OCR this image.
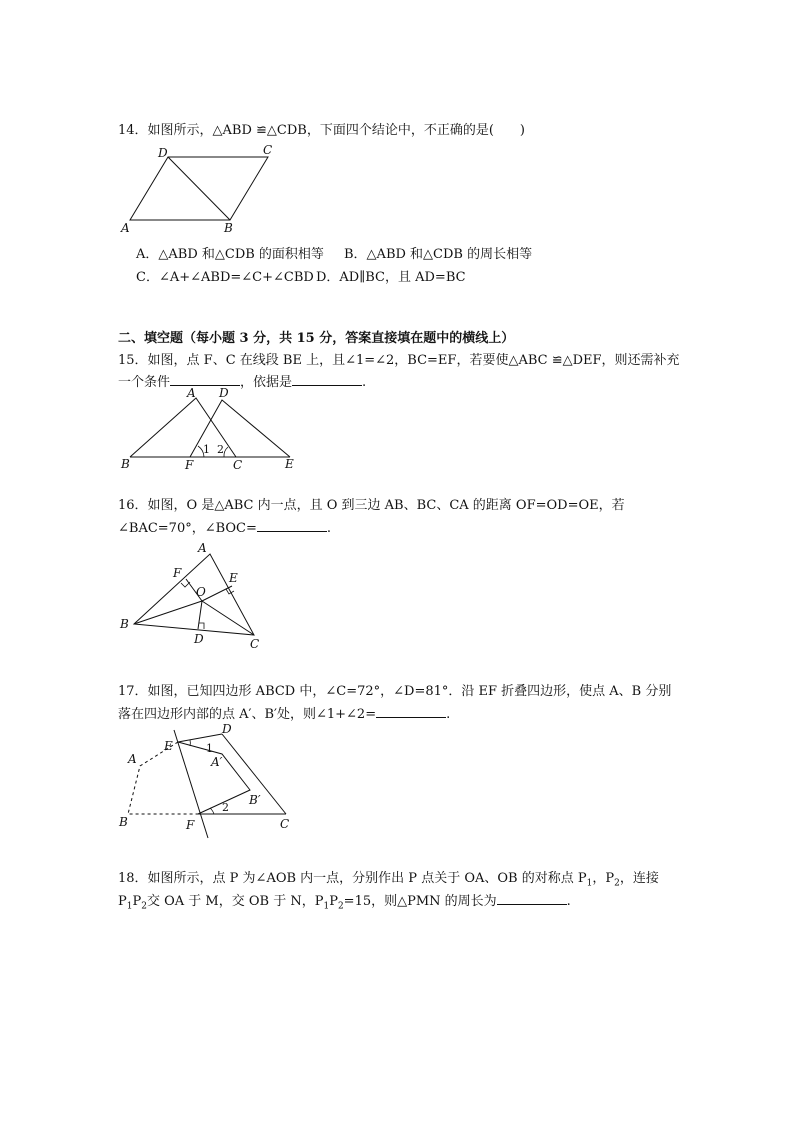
14．如图所示，△ABD ≌△CDB，下面四个结论中，不正确的是(　　)
D	C
A	B
A．△ABD 和△CDB 的面积相等 B．△ABD 和△CDB 的周长相等
C．∠A+∠ABD=∠C+∠CBD D．AD∥BC，且 AD=BC
二、填空题（每小题 3 分，共 15 分，答案直接填在题中的横线上）
15．如图，点 F、C 在线段 BE 上，且∠1=∠2，BC=EF，若要使△ABC ≌△DEF，则还需补充
一个条件	，依据是	.
A D
B	F	C	E
1 2
16．如图，O 是△ABC 内一点，且 O 到三边 AB、BC、CA 的距离 OF=OD=OE，若
∠BAC=70°，∠BOC=	.
A
F	E
O
B
D	C
17．如图，已知四边形 ABCD 中，∠C=72°，∠D=81°．沿 EF 折叠四边形，使点 A、B 分别
落在四边形内部的点 A′、B′处，则∠1+∠2=	.
E
D
A	A′
B′
B	F	C
1
2
18．如图所示，点 P 为∠AOB 内一点，分别作出 P 点关于 OA、OB 的对称点 $P_1$，$P_2$，连接
$P_1P_2$交 OA 于 M，交 OB 于 N，$P_1P_2=15$，则△PMN 的周长为	.
